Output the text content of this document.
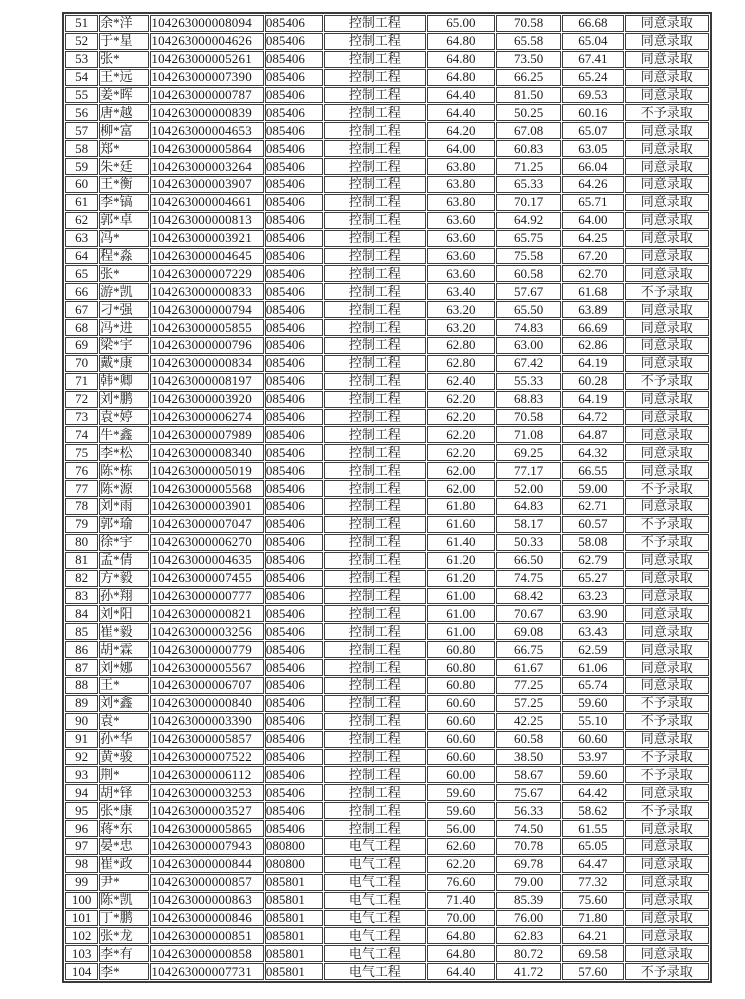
51	余*洋	104263000008094	085406	控制工程	65.00	70.58	66.68	同意录取
52	于*星	104263000004626	085406	控制工程	64.80	65.58	65.04	同意录取
53	张*	104263000005261	085406	控制工程	64.80	73.50	67.41	同意录取
54	王*远	104263000007390	085406	控制工程	64.80	66.25	65.24	同意录取
55	姜*晖	104263000000787	085406	控制工程	64.40	81.50	69.53	同意录取
56	唐*越	104263000000839	085406	控制工程	64.40	50.25	60.16	不予录取
57	柳*富	104263000004653	085406	控制工程	64.20	67.08	65.07	同意录取
58	郑*	104263000005864	085406	控制工程	64.00	60.83	63.05	同意录取
59	朱*廷	104263000003264	085406	控制工程	63.80	71.25	66.04	同意录取
60	王*衡	104263000003907	085406	控制工程	63.80	65.33	64.26	同意录取
61	李*镐	104263000004661	085406	控制工程	63.80	70.17	65.71	同意录取
62	郭*卓	104263000000813	085406	控制工程	63.60	64.92	64.00	同意录取
63	冯*	104263000003921	085406	控制工程	63.60	65.75	64.25	同意录取
64	程*淼	104263000004645	085406	控制工程	63.60	75.58	67.20	同意录取
65	张*	104263000007229	085406	控制工程	63.60	60.58	62.70	同意录取
66	游*凯	104263000000833	085406	控制工程	63.40	57.67	61.68	不予录取
67	刁*强	104263000000794	085406	控制工程	63.20	65.50	63.89	同意录取
68	冯*进	104263000005855	085406	控制工程	63.20	74.83	66.69	同意录取
69	梁*宇	104263000000796	085406	控制工程	62.80	63.00	62.86	同意录取
70	戴*康	104263000000834	085406	控制工程	62.80	67.42	64.19	同意录取
71	韩*卿	104263000008197	085406	控制工程	62.40	55.33	60.28	不予录取
72	刘*鹏	104263000003920	085406	控制工程	62.20	68.83	64.19	同意录取
73	袁*婷	104263000006274	085406	控制工程	62.20	70.58	64.72	同意录取
74	牛*鑫	104263000007989	085406	控制工程	62.20	71.08	64.87	同意录取
75	李*松	104263000008340	085406	控制工程	62.20	69.25	64.32	同意录取
76	陈*栋	104263000005019	085406	控制工程	62.00	77.17	66.55	同意录取
77	陈*源	104263000005568	085406	控制工程	62.00	52.00	59.00	不予录取
78	刘*雨	104263000003901	085406	控制工程	61.80	64.83	62.71	同意录取
79	郭*瑜	104263000007047	085406	控制工程	61.60	58.17	60.57	不予录取
80	徐*宇	104263000006270	085406	控制工程	61.40	50.33	58.08	不予录取
81	孟*倩	104263000004635	085406	控制工程	61.20	66.50	62.79	同意录取
82	方*毅	104263000007455	085406	控制工程	61.20	74.75	65.27	同意录取
83	孙*翔	104263000000777	085406	控制工程	61.00	68.42	63.23	同意录取
84	刘*阳	104263000000821	085406	控制工程	61.00	70.67	63.90	同意录取
85	崔*毅	104263000003256	085406	控制工程	61.00	69.08	63.43	同意录取
86	胡*霖	104263000000779	085406	控制工程	60.80	66.75	62.59	同意录取
87	刘*娜	104263000005567	085406	控制工程	60.80	61.67	61.06	同意录取
88	王*	104263000006707	085406	控制工程	60.80	77.25	65.74	同意录取
89	刘*鑫	104263000000840	085406	控制工程	60.60	57.25	59.60	不予录取
90	袁*	104263000003390	085406	控制工程	60.60	42.25	55.10	不予录取
91	孙*华	104263000005857	085406	控制工程	60.60	60.58	60.60	同意录取
92	黄*骏	104263000007522	085406	控制工程	60.60	38.50	53.97	不予录取
93	荆*	104263000006112	085406	控制工程	60.00	58.67	59.60	不予录取
94	胡*铎	104263000003253	085406	控制工程	59.60	75.67	64.42	同意录取
95	张*康	104263000003527	085406	控制工程	59.60	56.33	58.62	不予录取
96	蒋*东	104263000005865	085406	控制工程	56.00	74.50	61.55	同意录取
97	晏*忠	104263000007943	080800	电气工程	62.60	70.78	65.05	同意录取
98	崔*政	104263000000844	080800	电气工程	62.20	69.78	64.47	同意录取
99	尹*	104263000000857	085801	电气工程	76.60	79.00	77.32	同意录取
100	陈*凯	104263000000863	085801	电气工程	71.40	85.39	75.60	同意录取
101	丁*鹏	104263000000846	085801	电气工程	70.00	76.00	71.80	同意录取
102	张*龙	104263000000851	085801	电气工程	64.80	62.83	64.21	同意录取
103	李*有	104263000000858	085801	电气工程	64.80	80.72	69.58	同意录取
104	李*	104263000007731	085801	电气工程	64.40	41.72	57.60	不予录取
